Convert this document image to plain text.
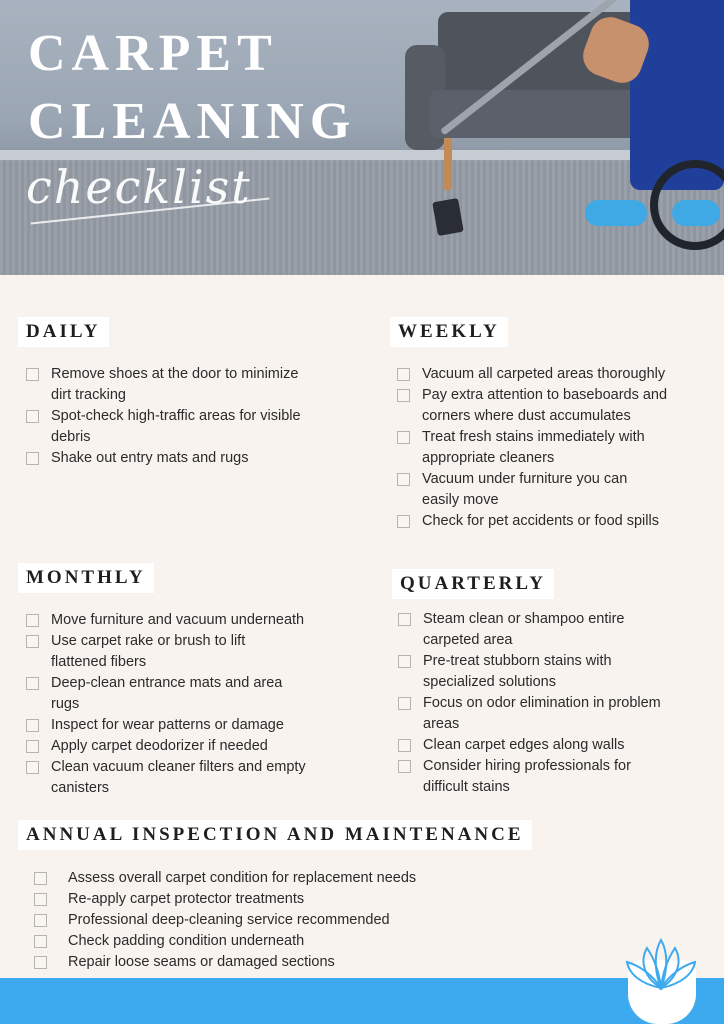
CARPET
CLEANING
checklist
DAILY
Remove shoes at the door to minimize
dirt tracking
Spot-check high-traffic areas for visible
debris
Shake out entry mats and rugs
WEEKLY
Vacuum all carpeted areas thoroughly
Pay extra attention to baseboards and
corners where dust accumulates
Treat fresh stains immediately with
appropriate cleaners
Vacuum under furniture you can
easily move
Check for pet accidents or food spills
MONTHLY
Move furniture and vacuum underneath
Use carpet rake or brush to lift
flattened fibers
Deep-clean entrance mats and area
rugs
Inspect for wear patterns or damage
Apply carpet deodorizer if needed
Clean vacuum cleaner filters and empty
canisters
QUARTERLY
Steam clean or shampoo entire
carpeted area
Pre-treat stubborn stains with
specialized solutions
Focus on odor elimination in problem
areas
Clean carpet edges along walls
Consider hiring professionals for
difficult stains
ANNUAL INSPECTION AND MAINTENANCE
Assess overall carpet condition for replacement needs
Re-apply carpet protector treatments
Professional deep-cleaning service recommended
Check padding condition underneath
Repair loose seams or damaged sections
